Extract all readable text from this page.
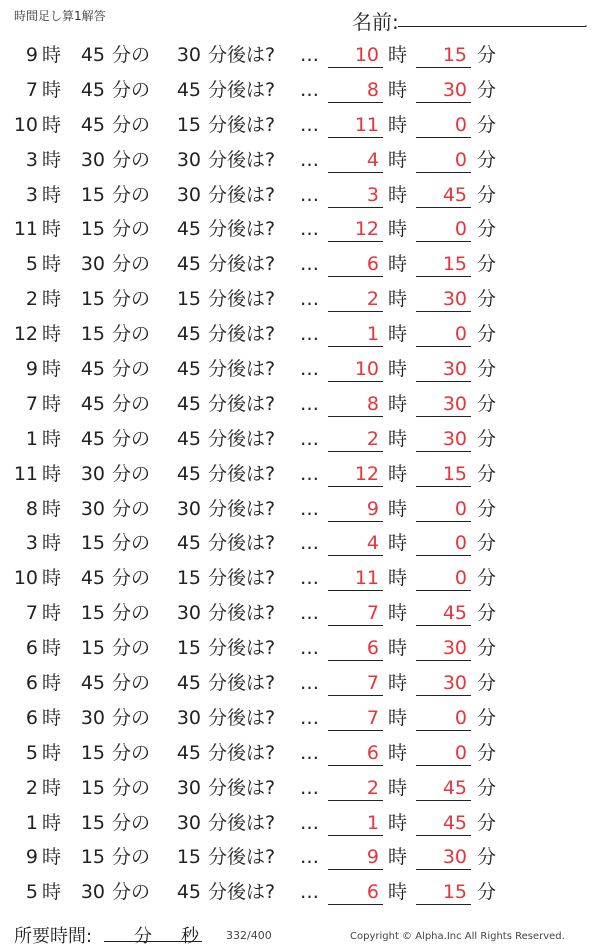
時間足し算1解答	名前:	.
9 時 45 分の 30 分後は? …	10 時	15 分
7 時 45 分の 45 分後は? …	8 時	30 分
10 時 45 分の 15 分後は? …	11 時	0 分
3 時 30 分の 30 分後は? …	4 時	0 分
3 時 15 分の 30 分後は? …	3 時	45 分
11 時 15 分の 45 分後は? …	12 時	0 分
5 時 30 分の 45 分後は? …	6 時	15 分
2 時 15 分の 15 分後は? …	2 時	30 分
12 時 15 分の 45 分後は? …	1 時	0 分
9 時 45 分の 45 分後は? …	10 時	30 分
7 時 45 分の 45 分後は? …	8 時	30 分
1 時 45 分の 45 分後は? …	2 時	30 分
11 時 30 分の 45 分後は? …	12 時	15 分
8 時 30 分の 30 分後は? …	9 時	0 分
3 時 15 分の 45 分後は? …	4 時	0 分
10 時 45 分の 15 分後は? …	11 時	0 分
7 時 15 分の 30 分後は? …	7 時	45 分
6 時 15 分の 15 分後は? …	6 時	30 分
6 時 45 分の 45 分後は? …	7 時	30 分
6 時 30 分の 30 分後は? …	7 時	0 分
5 時 15 分の 45 分後は? …	6 時	0 分
2 時 15 分の 30 分後は? …	2 時	45 分
1 時 15 分の 30 分後は? …	1 時	45 分
9 時 15 分の 15 分後は? …	9 時	30 分
5 時 30 分の 45 分後は? …	6 時	15 分
所要時間: 分 秒 332/400	Copyright © Alpha.Inc All Rights Reserved.
